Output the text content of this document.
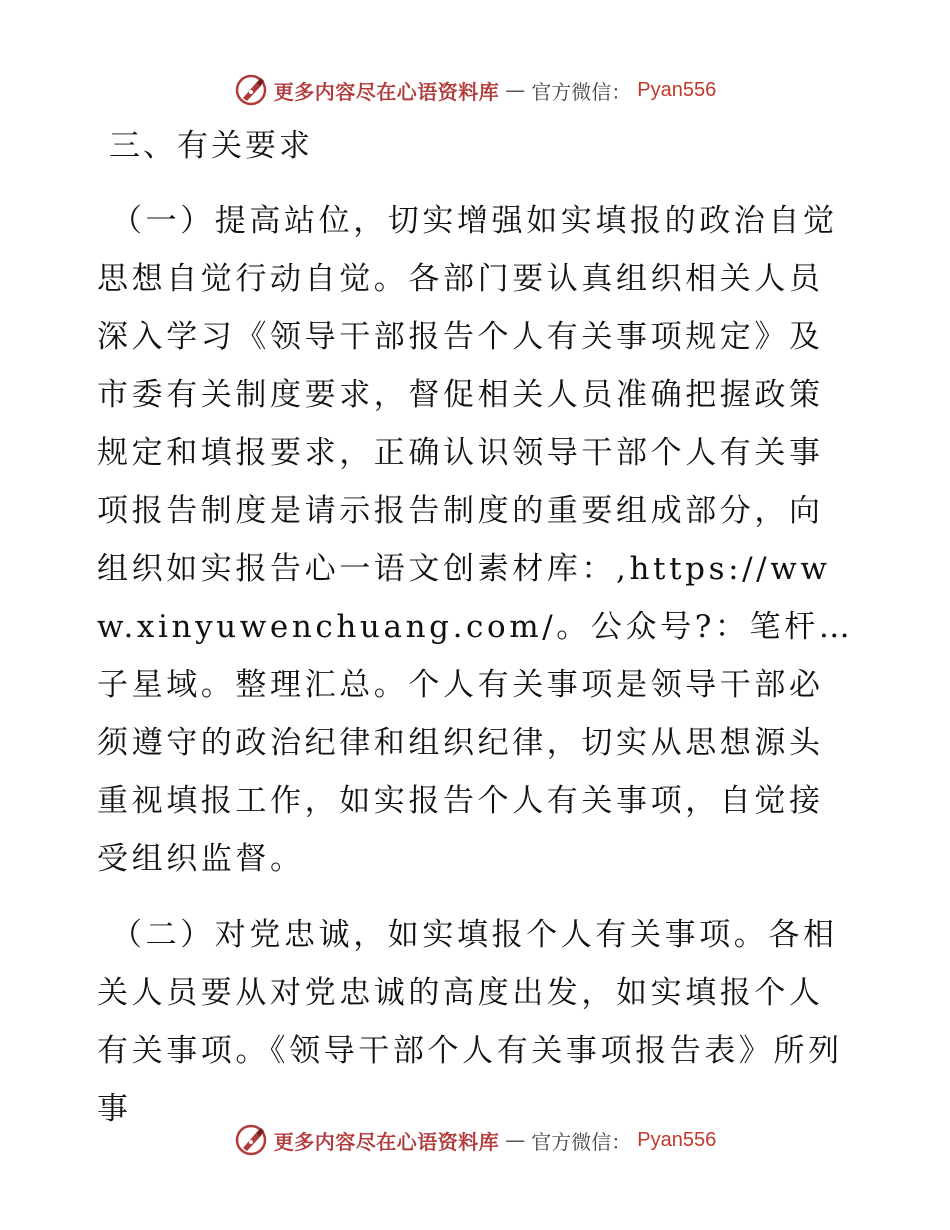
更多内容尽在心语资料库 — 官方微信： Pyan556
三、有关要求

（一）提高站位，切实增强如实填报的政治自觉思想自觉行动自觉。各部门要认真组织相关人员深入学习《领导干部报告个人有关事项规定》及市委有关制度要求，督促相关人员准确把握政策规定和填报要求，正确认识领导干部个人有关事项报告制度是请示报告制度的重要组成部分，向组织如实报告心一语文创素材库：,https://www.xinyuwenchuang.com/。公众号?：笔杆…子星域。整理汇总。个人有关事项是领导干部必须遵守的政治纪律和组织纪律，切实从思想源头重视填报工作，如实报告个人有关事项，自觉接受组织监督。

（二）对党忠诚，如实填报个人有关事项。各相关人员要从对党忠诚的高度出发，如实填报个人有关事项。《领导干部个人有关事项报告表》所列事

更多内容尽在心语资料库 — 官方微信： Pyan556
